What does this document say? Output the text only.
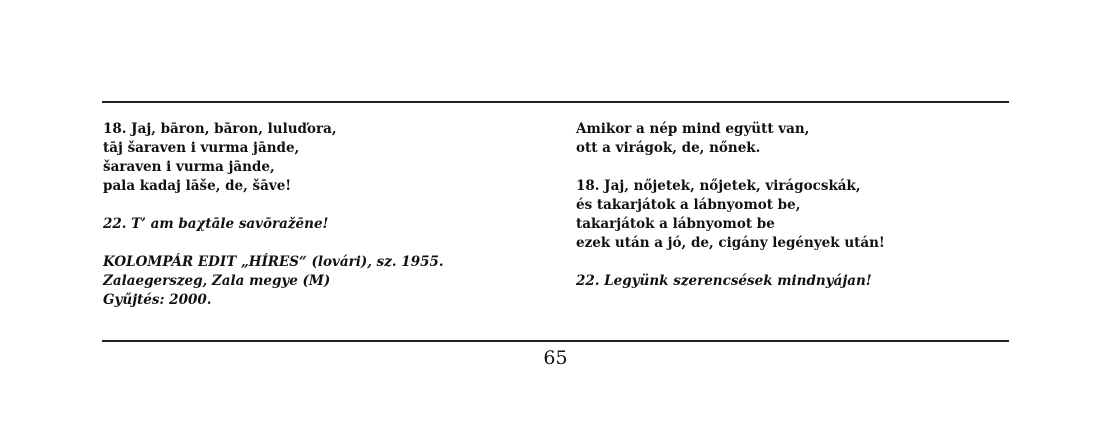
18. Jaj, bāron, bāron, luluďora,
tāj šaraven i vurma jānde,
šaraven i vurma jānde,
pala kadaj lāše, de, šāve!
22. T’ am baχtāle savōražēne!
KOLOMPÁR EDIT „HÍRES“ (lovári), sz. 1955.
Zalaegerszeg, Zala megye (M)
Gyűjtés: 2000.
Amikor a nép mind együtt van,
ott a virágok, de, nőnek.
18. Jaj, nőjetek, nőjetek, virágocskák,
és takarjátok a lábnyomot be,
takarjátok a lábnyomot be
ezek után a jó, de, cigány legények után!
22. Legyünk szerencsések mindnyájan!
65
